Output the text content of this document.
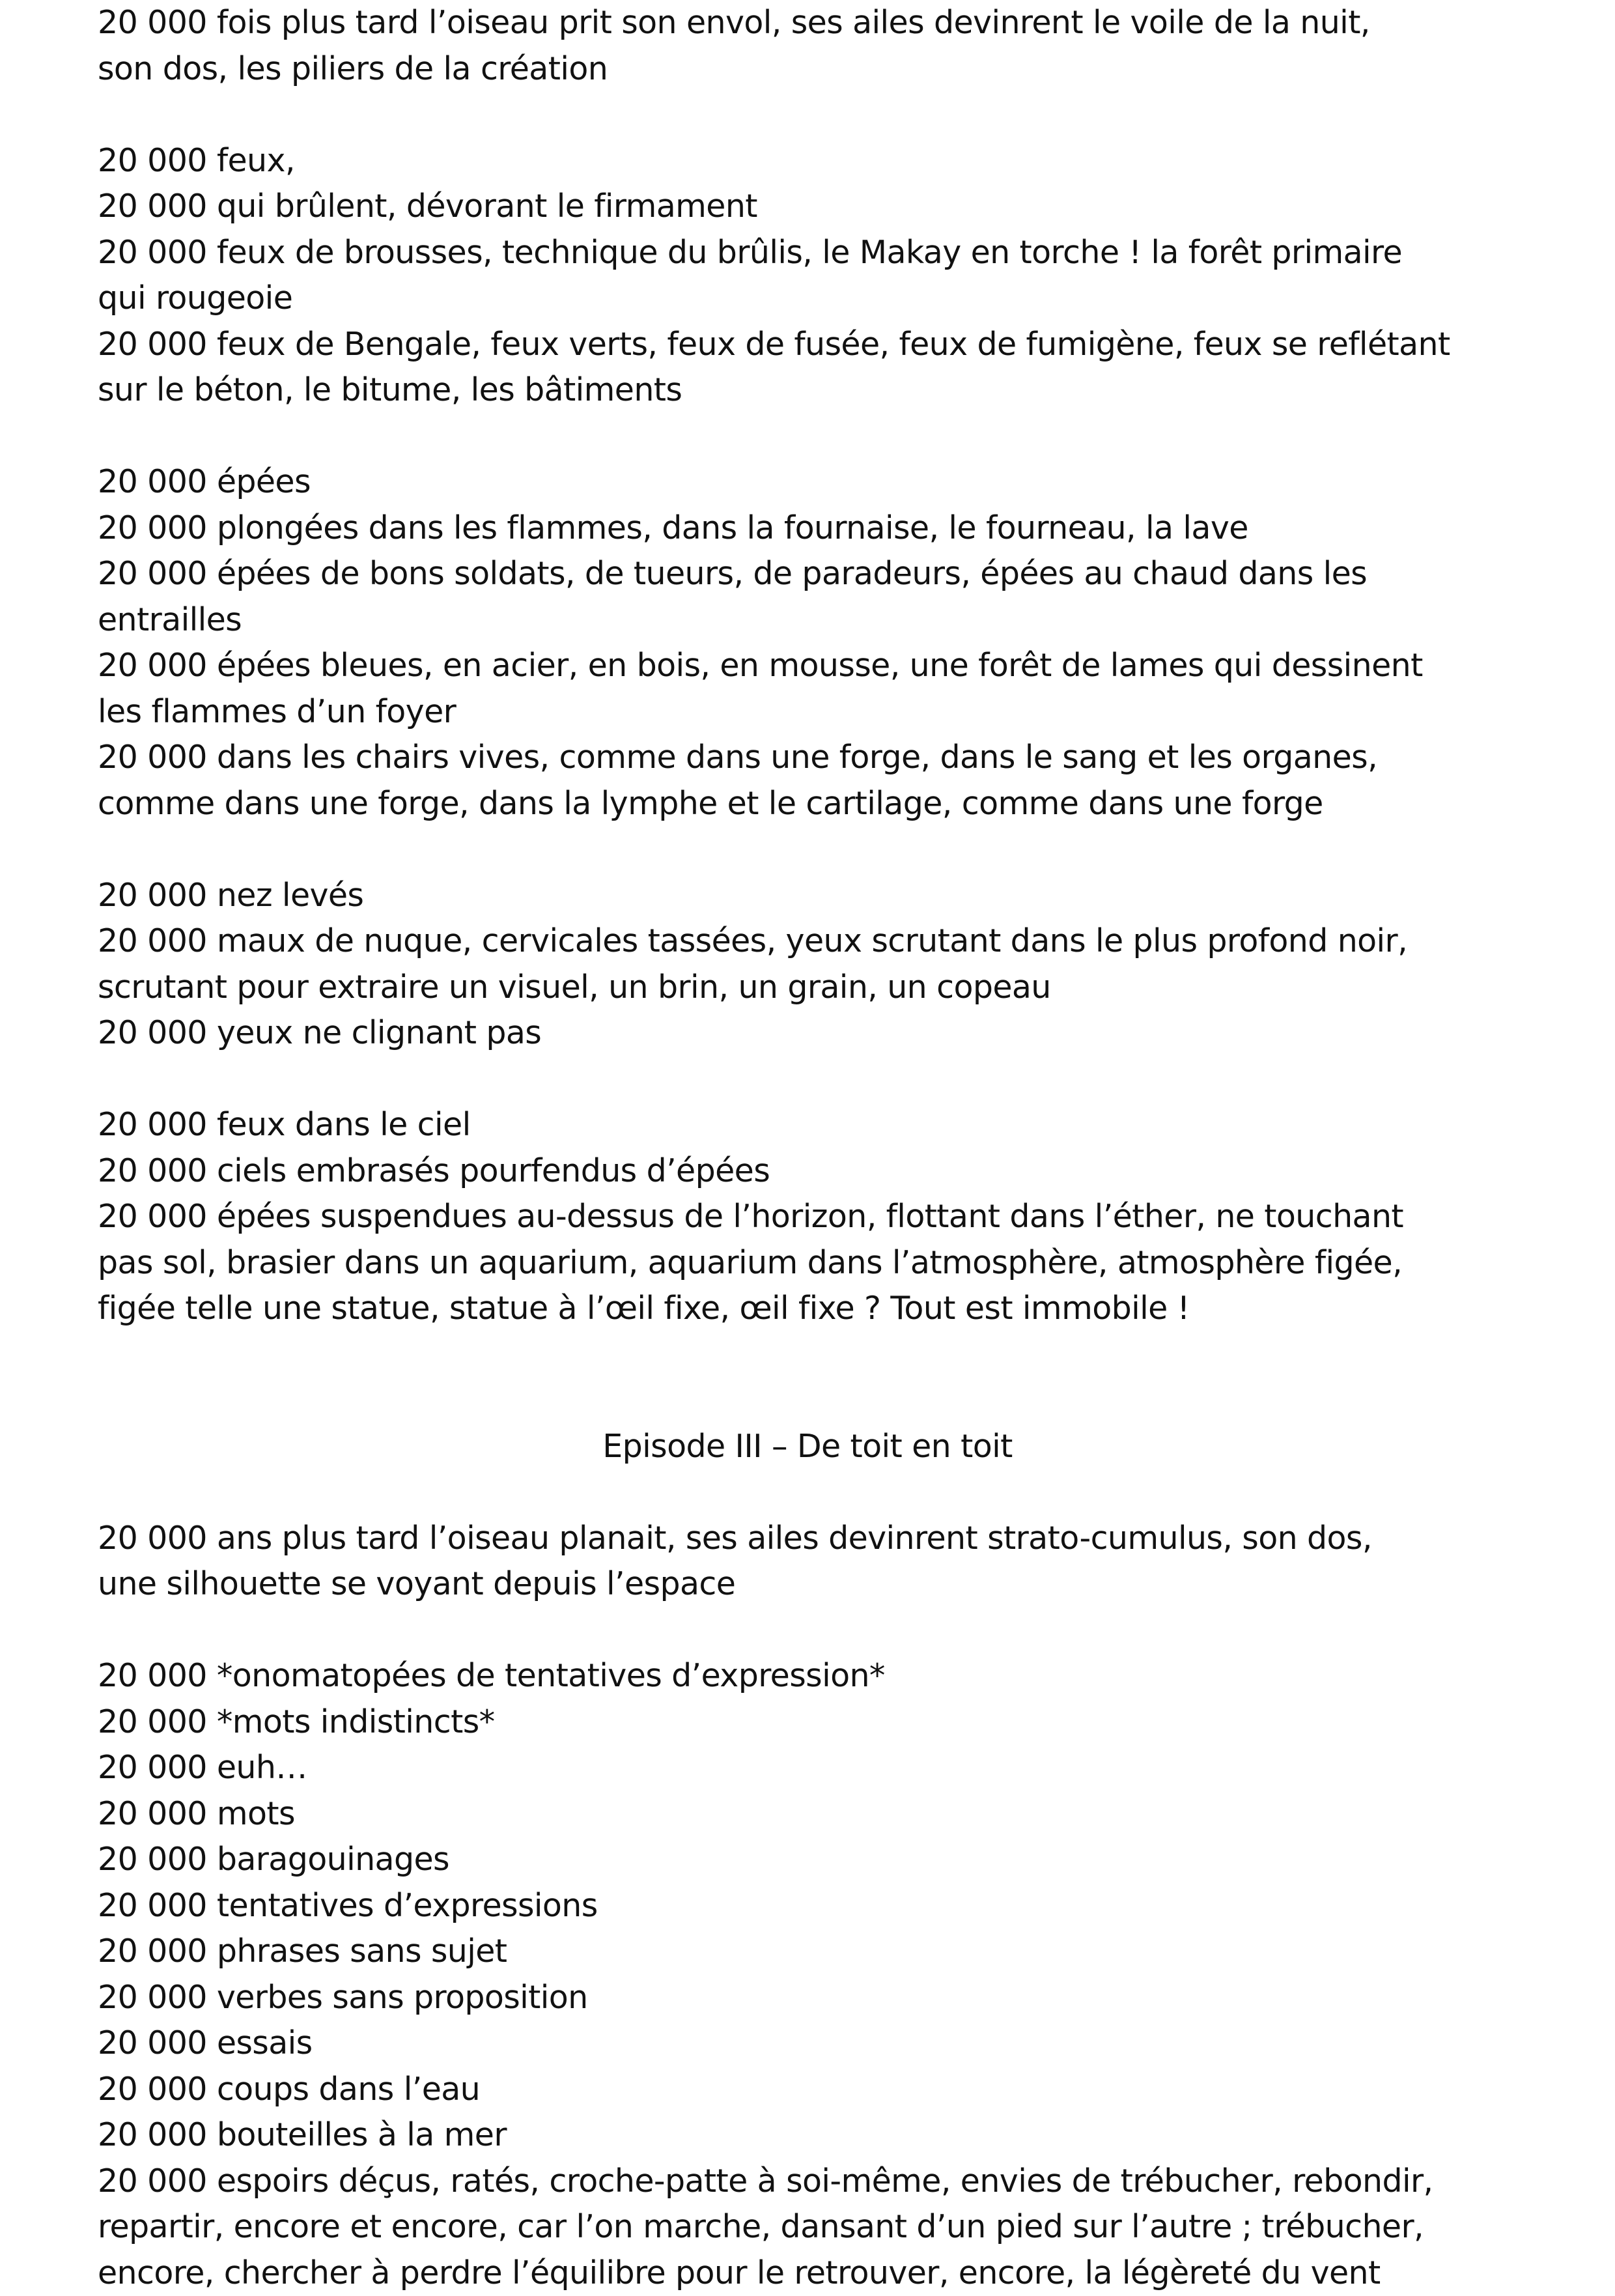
20 000 fois plus tard l’oiseau prit son envol, ses ailes devinrent le voile de la nuit,
son dos, les piliers de la création
20 000 feux,
20 000 qui brûlent, dévorant le firmament
20 000 feux de brousses, technique du brûlis, le Makay en torche ! la forêt primaire
qui rougeoie
20 000 feux de Bengale, feux verts, feux de fusée, feux de fumigène, feux se reflétant
sur le béton, le bitume, les bâtiments
20 000 épées
20 000 plongées dans les flammes, dans la fournaise, le fourneau, la lave
20 000 épées de bons soldats, de tueurs, de paradeurs, épées au chaud dans les
entrailles
20 000 épées bleues, en acier, en bois, en mousse, une forêt de lames qui dessinent
les flammes d’un foyer
20 000 dans les chairs vives, comme dans une forge, dans le sang et les organes,
comme dans une forge, dans la lymphe et le cartilage, comme dans une forge
20 000 nez levés
20 000 maux de nuque, cervicales tassées, yeux scrutant dans le plus profond noir,
scrutant pour extraire un visuel, un brin, un grain, un copeau
20 000 yeux ne clignant pas
20 000 feux dans le ciel
20 000 ciels embrasés pourfendus d’épées
20 000 épées suspendues au-dessus de l’horizon, flottant dans l’éther, ne touchant
pas sol, brasier dans un aquarium, aquarium dans l’atmosphère, atmosphère figée,
figée telle une statue, statue à l’œil fixe, œil fixe ? Tout est immobile !
Episode III – De toit en toit
20 000 ans plus tard l’oiseau planait, ses ailes devinrent strato-cumulus, son dos,
une silhouette se voyant depuis l’espace
20 000 *onomatopées de tentatives d’expression*
20 000 *mots indistincts*
20 000 euh…
20 000 mots
20 000 baragouinages
20 000 tentatives d’expressions
20 000 phrases sans sujet
20 000 verbes sans proposition
20 000 essais
20 000 coups dans l’eau
20 000 bouteilles à la mer
20 000 espoirs déçus, ratés, croche-patte à soi-même, envies de trébucher, rebondir,
repartir, encore et encore, car l’on marche, dansant d’un pied sur l’autre ; trébucher,
encore, chercher à perdre l’équilibre pour le retrouver, encore, la légèreté du vent
